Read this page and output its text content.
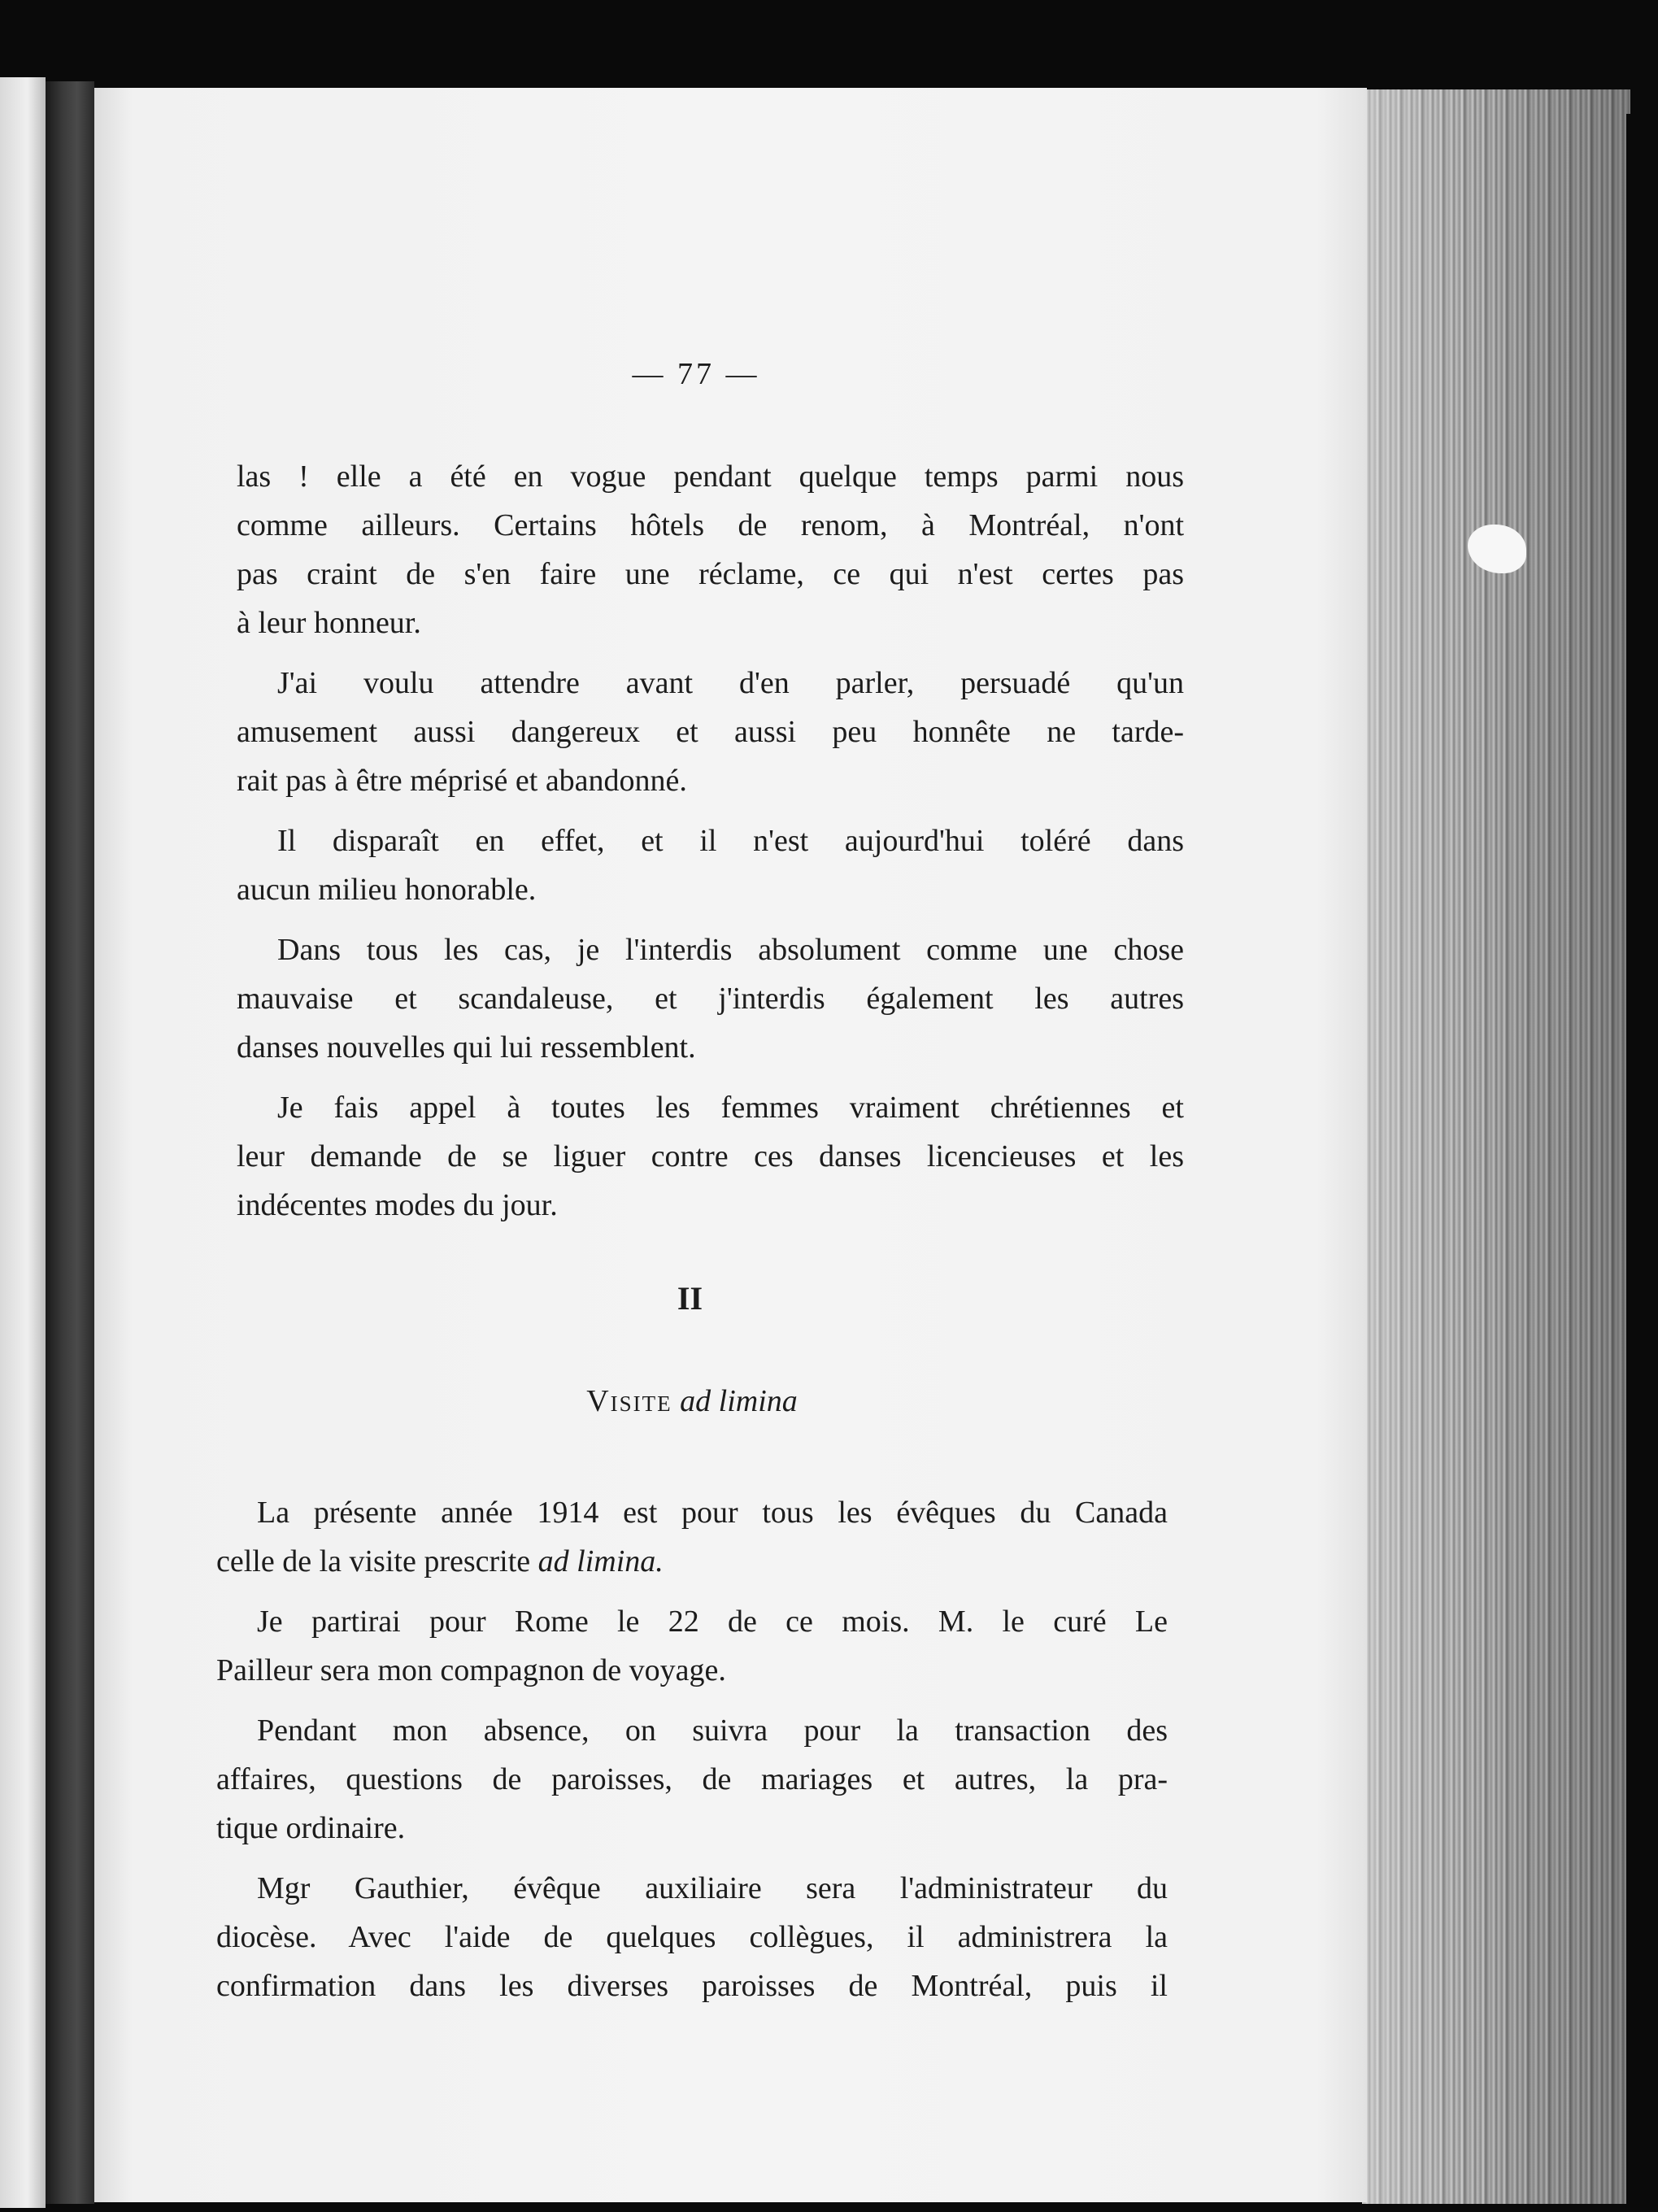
— 77 —
las ! elle a été en vogue pendant quelque temps parmi nous
comme ailleurs. Certains hôtels de renom, à Montréal, n'ont
pas craint de s'en faire une réclame, ce qui n'est certes pas
à leur honneur.
J'ai voulu attendre avant d'en parler, persuadé qu'un
amusement aussi dangereux et aussi peu honnête ne tarde-
rait pas à être méprisé et abandonné.
Il disparaît en effet, et il n'est aujourd'hui toléré dans
aucun milieu honorable.
Dans tous les cas, je l'interdis absolument comme une chose
mauvaise et scandaleuse, et j'interdis également les autres
danses nouvelles qui lui ressemblent.
Je fais appel à toutes les femmes vraiment chrétiennes et
leur demande de se liguer contre ces danses licencieuses et les
indécentes modes du jour.
II
Visite ad limina
La présente année 1914 est pour tous les évêques du Canada
celle de la visite prescrite ad limina.
Je partirai pour Rome le 22 de ce mois. M. le curé Le
Pailleur sera mon compagnon de voyage.
Pendant mon absence, on suivra pour la transaction des
affaires, questions de paroisses, de mariages et autres, la pra-
tique ordinaire.
Mgr Gauthier, évêque auxiliaire sera l'administrateur du
diocèse. Avec l'aide de quelques collègues, il administrera la
confirmation dans les diverses paroisses de Montréal, puis il
